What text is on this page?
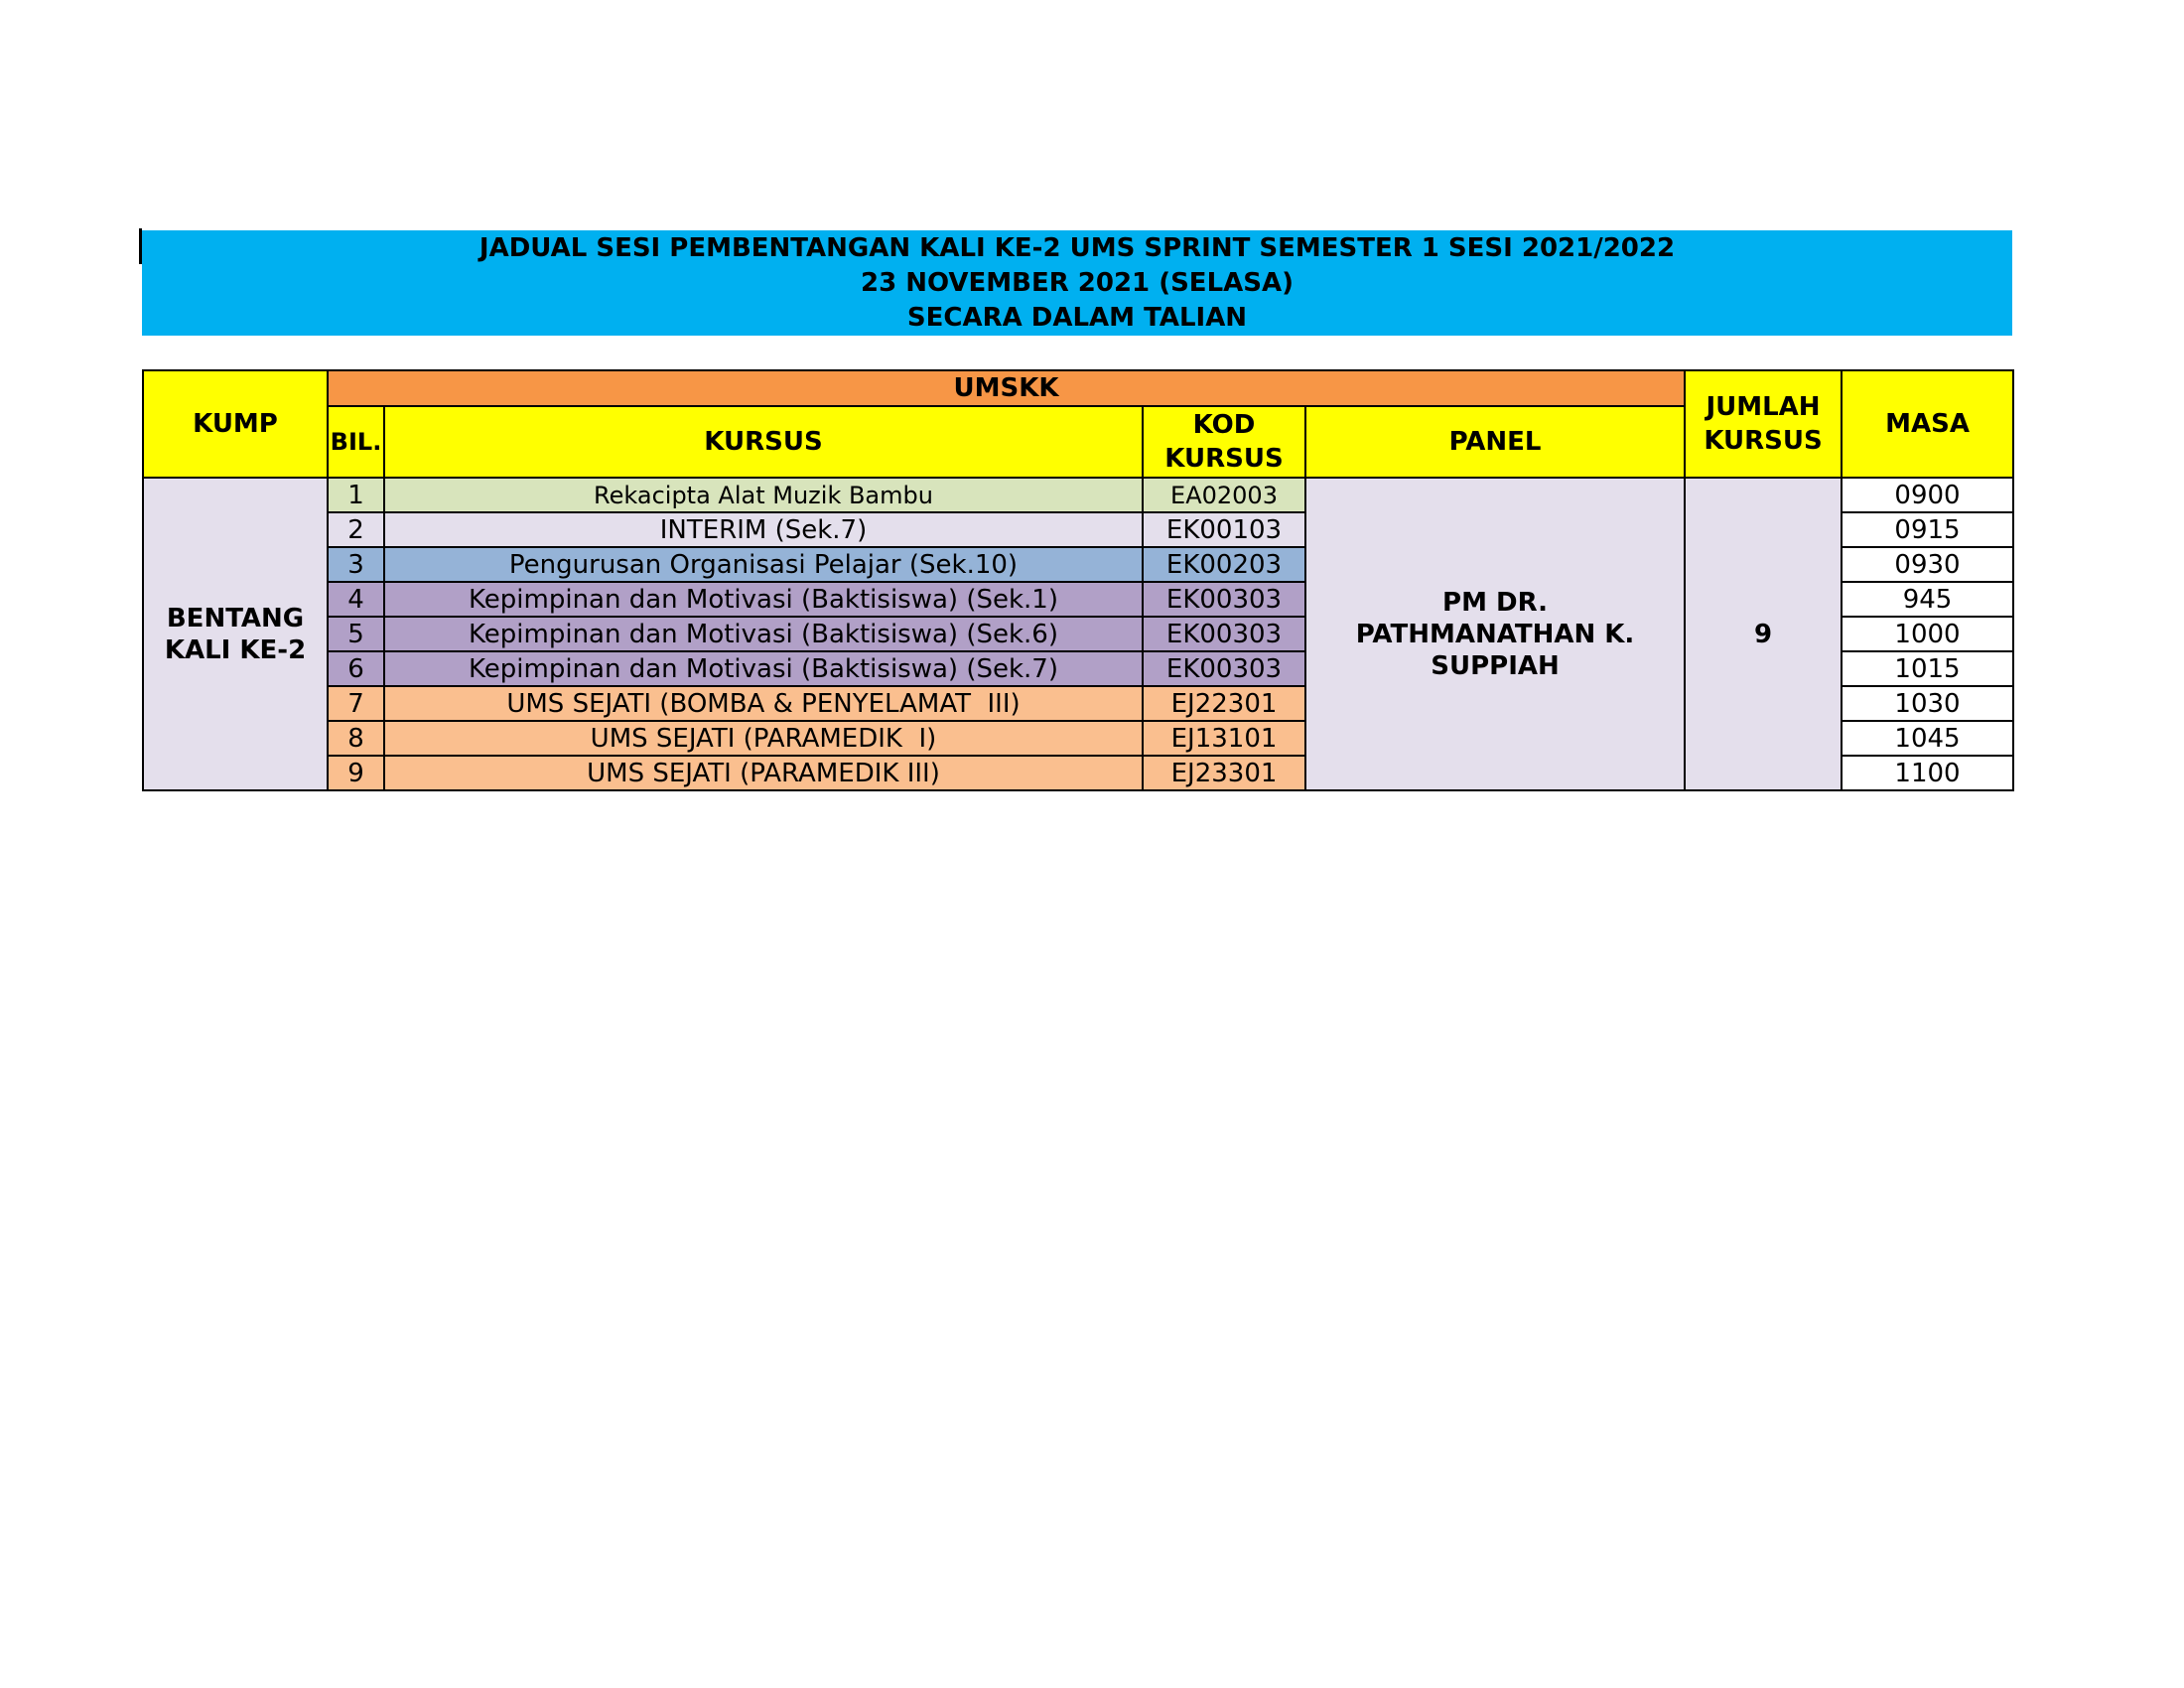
JADUAL SESI PEMBENTANGAN KALI KE-2 UMS SPRINT SEMESTER 1 SESI 2021/2022
23 NOVEMBER 2021 (SELASA)
SECARA DALAM TALIAN
KUMP	UMSKK				JUMLAH KURSUS	MASA
	BIL.	KURSUS	KOD KURSUS	PANEL		
BENTANG KALI KE-2	1	Rekacipta Alat Muzik Bambu	EA02003	PM DR. PATHMANATHAN K. SUPPIAH	9	0900
	2	INTERIM (Sek.7)	EK00103			0915
	3	Pengurusan Organisasi Pelajar (Sek.10)	EK00203			0930
	4	Kepimpinan dan Motivasi (Baktisiswa) (Sek.1)	EK00303			945
	5	Kepimpinan dan Motivasi (Baktisiswa) (Sek.6)	EK00303			1000
	6	Kepimpinan dan Motivasi (Baktisiswa) (Sek.7)	EK00303			1015
	7	UMS SEJATI (BOMBA & PENYELAMAT  III)	EJ22301			1030
	8	UMS SEJATI (PARAMEDIK  I)	EJ13101			1045
	9	UMS SEJATI (PARAMEDIK III)	EJ23301			1100
